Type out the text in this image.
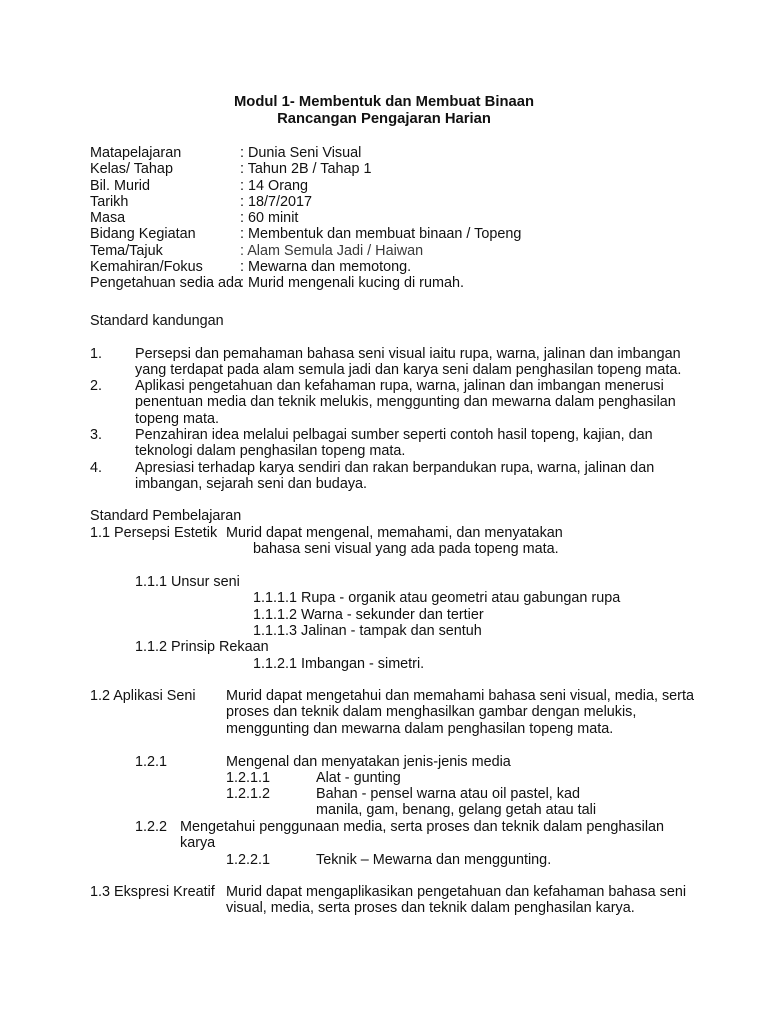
Modul 1- Membentuk dan Membuat Binaan
Rancangan Pengajaran Harian
Matapelajaran	: Dunia Seni Visual
Kelas/ Tahap	: Tahun 2B / Tahap 1
Bil. Murid	: 14 Orang
Tarikh	: 18/7/2017
Masa	: 60 minit
Bidang Kegiatan	: Membentuk dan membuat binaan / Topeng
Tema/Tajuk	: Alam Semula Jadi / Haiwan
Kemahiran/Fokus	: Mewarna dan memotong.
Pengetahuan sedia ada
: Murid mengenali kucing di rumah.
Standard kandungan
1. Persepsi dan pemahaman bahasa seni visual iaitu rupa, warna, jalinan dan imbangan
yang terdapat pada alam semula jadi dan karya seni dalam penghasilan topeng mata.
2. Aplikasi pengetahuan dan kefahaman rupa, warna, jalinan dan imbangan menerusi
penentuan media dan teknik melukis, menggunting dan mewarna dalam penghasilan
topeng mata.
3. Penzahiran idea melalui pelbagai sumber seperti contoh hasil topeng, kajian, dan
teknologi dalam penghasilan topeng mata.
4. Apresiasi terhadap karya sendiri dan rakan berpandukan rupa, warna, jalinan dan
imbangan, sejarah seni dan budaya.
Standard Pembelajaran
1.1 Persepsi Estetik Murid dapat mengenal, memahami, dan menyatakan
bahasa seni visual yang ada pada topeng mata.
1.1.1 Unsur seni
1.1.1.1 Rupa - organik atau geometri atau gabungan rupa
1.1.1.2 Warna - sekunder dan tertier
1.1.1.3 Jalinan - tampak dan sentuh
1.1.2 Prinsip Rekaan
1.1.2.1 Imbangan - simetri.
1.2 Aplikasi Seni Murid dapat mengetahui dan memahami bahasa seni visual, media, serta
proses dan teknik dalam menghasilkan gambar dengan melukis,
menggunting dan mewarna dalam penghasilan topeng mata.
1.2.1	Mengenal dan menyatakan jenis-jenis media
1.2.1.1	Alat - gunting
1.2.1.2	Bahan - pensel warna atau oil pastel, kad
manila, gam, benang, gelang getah atau tali
1.2.2 Mengetahui penggunaan media, serta proses dan teknik dalam penghasilan
karya
1.2.2.1	Teknik – Mewarna dan menggunting.
1.3 Ekspresi Kreatif Murid dapat mengaplikasikan pengetahuan dan kefahaman bahasa seni
visual, media, serta proses dan teknik dalam penghasilan karya.
